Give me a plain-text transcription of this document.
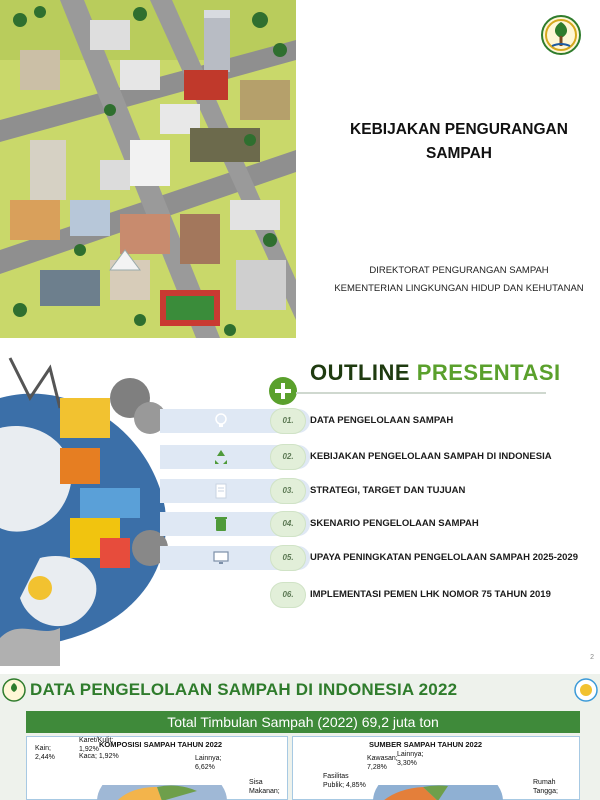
KEBIJAKAN PENGURANGAN SAMPAH
DIREKTORAT PENGURANGAN SAMPAH
KEMENTERIAN LINGKUNGAN HIDUP DAN KEHUTANAN
OUTLINE PRESENTASI
01.	DATA PENGELOLAAN SAMPAH
02.	KEBIJAKAN PENGELOLAAN SAMPAH DI INDONESIA
03.	STRATEGI, TARGET DAN TUJUAN
04.	SKENARIO PENGELOLAAN SAMPAH
05.	UPAYA PENINGKATAN PENGELOLAAN SAMPAH 2025-2029
06.	IMPLEMENTASI PEMEN LHK NOMOR 75 TAHUN 2019
2
DATA PENGELOLAAN SAMPAH DI INDONESIA 2022
Total Timbulan Sampah (2022) 69,2 juta ton
KOMPOSISI SAMPAH TAHUN 2022
Karet/Kulit;
1,92%
Kain;
2,44%	Kaca; 1,92%	Lainnya;
6,62%
Sisa
Makanan;
SUMBER SAMPAH TAHUN 2022
Kawasan;
7,28%
Lainnya;
3,30%
Fasilitas
Publik; 4,85%	Rumah
Tangga;
